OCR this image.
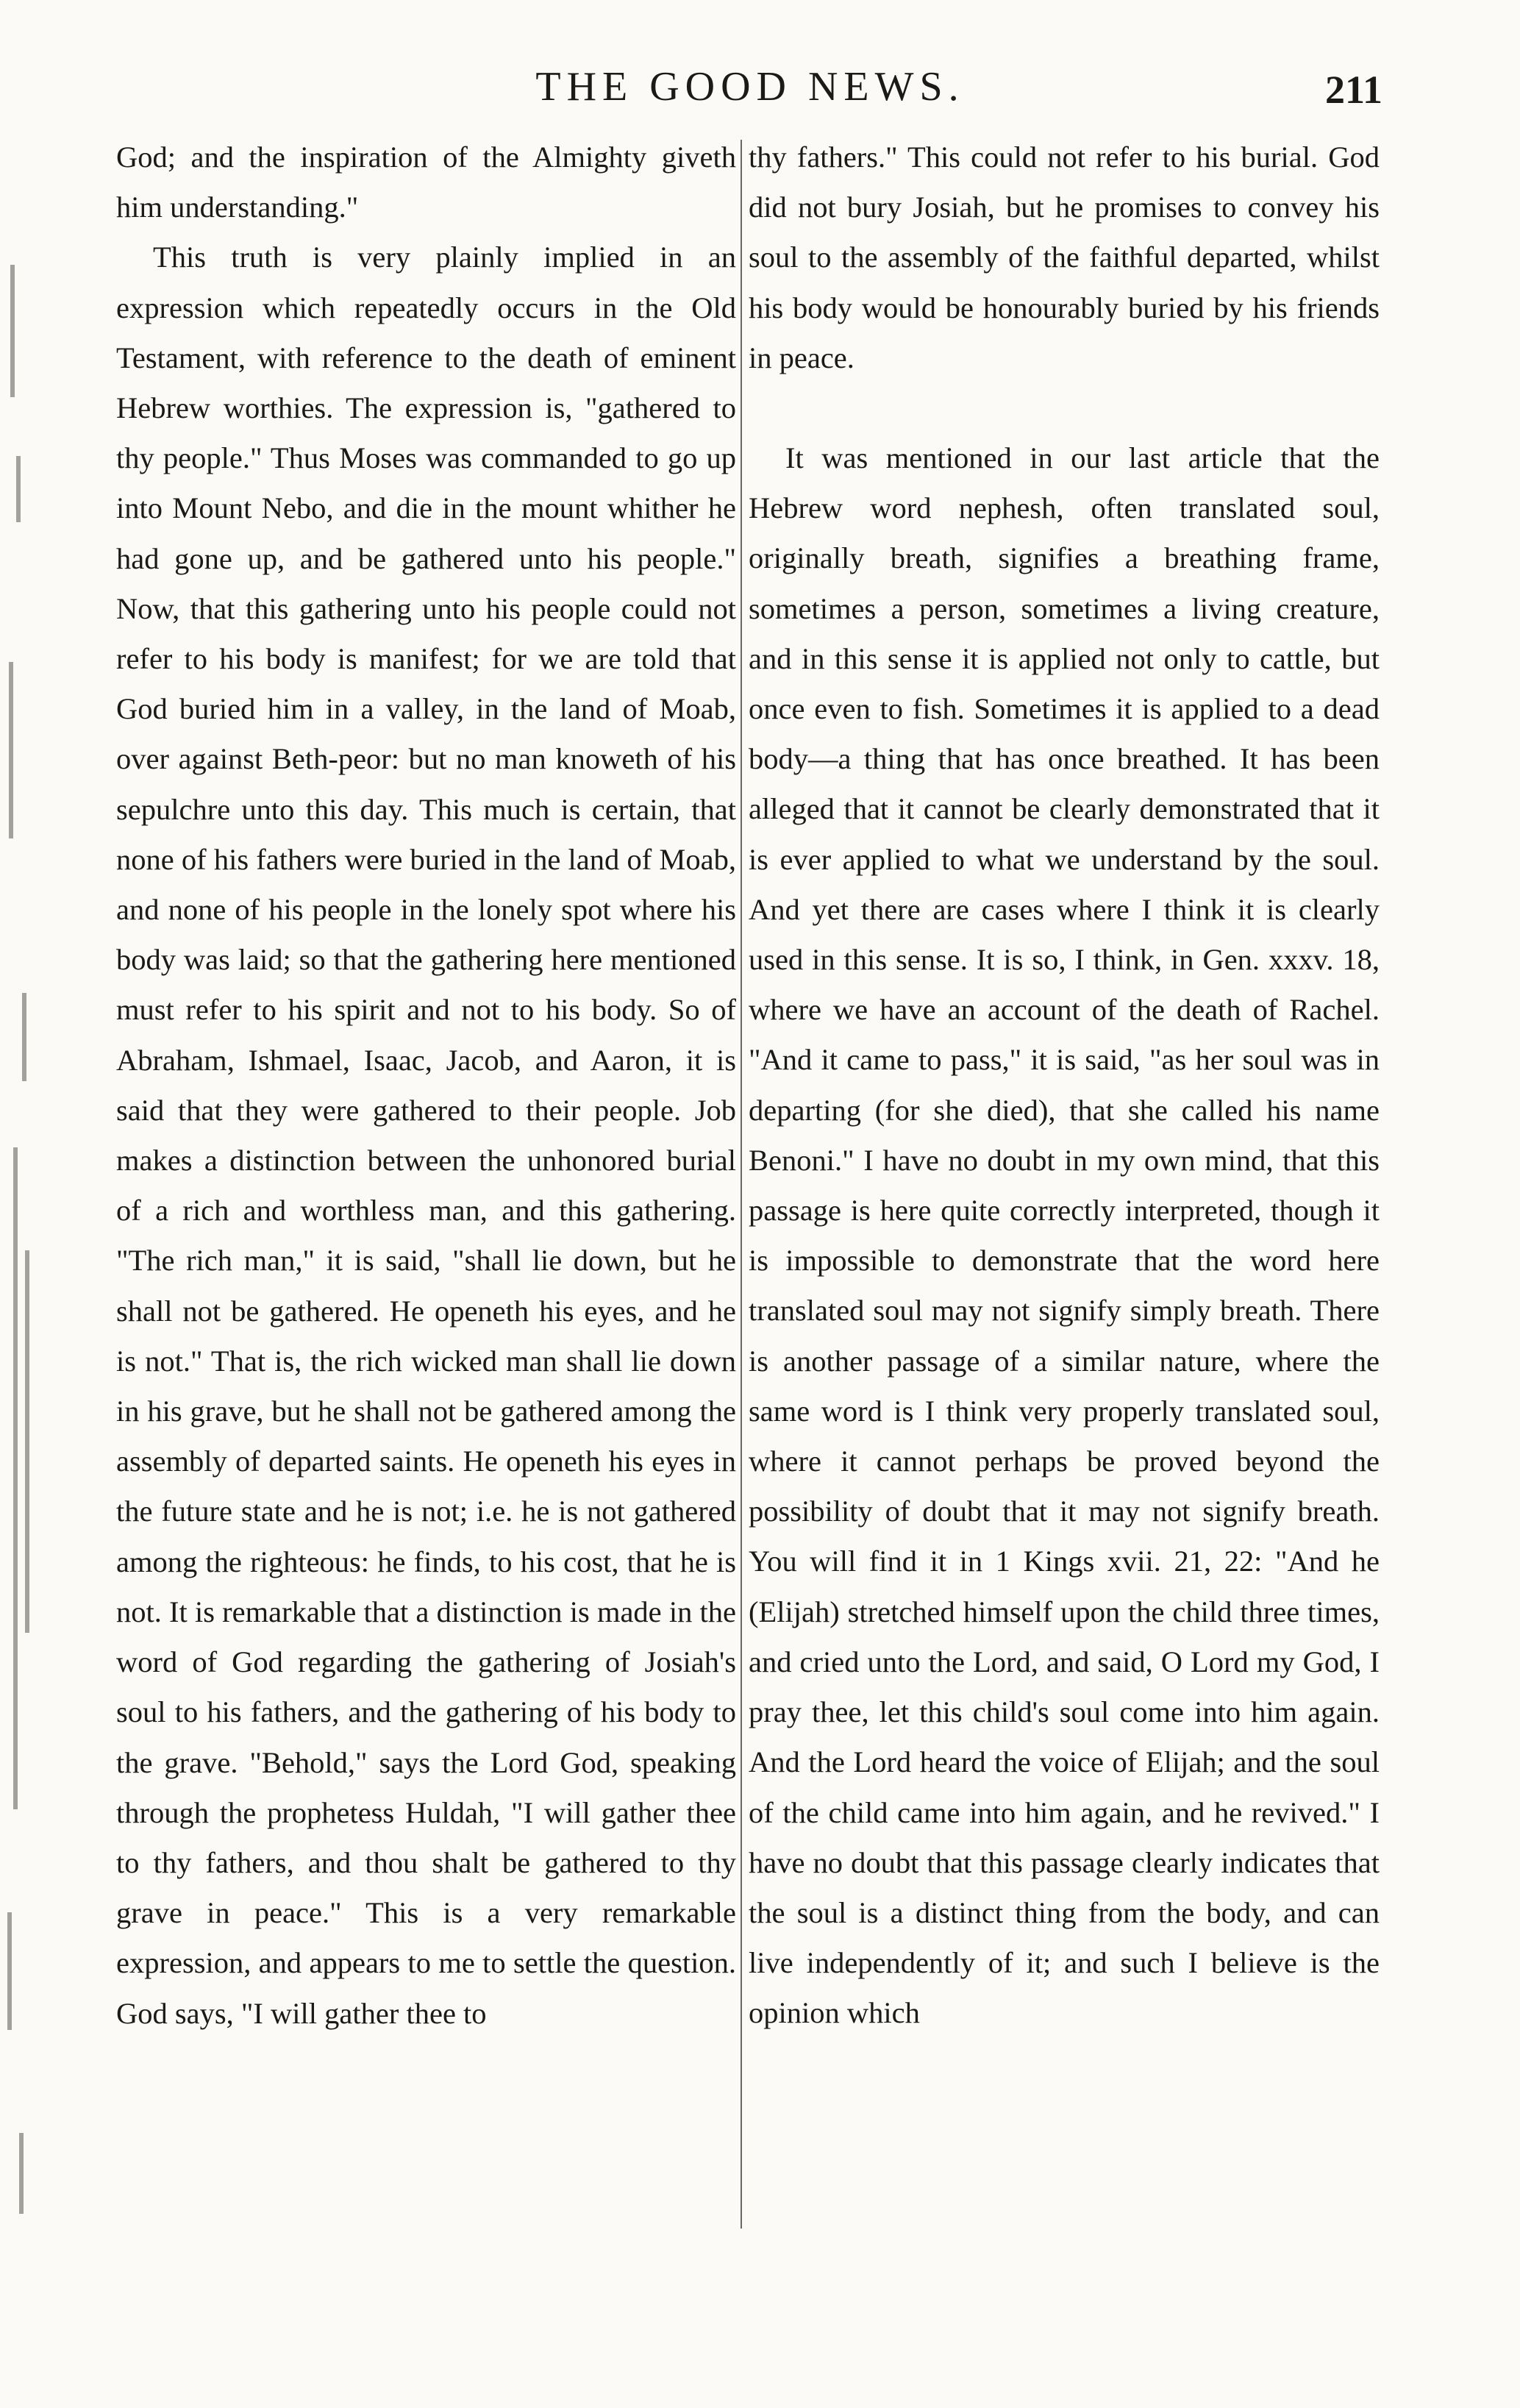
THE GOOD NEWS.	211

God; and the inspiration of the Almighty giveth him understanding."

This truth is very plainly implied in an expression which repeatedly occurs in the Old Testament, with reference to the death of eminent Hebrew worthies. The expression is, "gathered to thy people." Thus Moses was commanded to go up into Mount Nebo, and die in the mount whither he had gone up, and be gathered unto his people." Now, that this gathering unto his people could not refer to his body is manifest; for we are told that God buried him in a valley, in the land of Moab, over against Beth-peor: but no man knoweth of his sepulchre unto this day. This much is certain, that none of his fathers were buried in the land of Moab, and none of his people in the lonely spot where his body was laid; so that the gathering here mentioned must refer to his spirit and not to his body. So of Abraham, Ishmael, Isaac, Jacob, and Aaron, it is said that they were gathered to their people. Job makes a distinction between the unhonored burial of a rich and worthless man, and this gathering. "The rich man," it is said, "shall lie down, but he shall not be gathered. He openeth his eyes, and he is not." That is, the rich wicked man shall lie down in his grave, but he shall not be gathered among the assembly of departed saints. He openeth his eyes in the future state and he is not; i.e. he is not gathered among the righteous: he finds, to his cost, that he is not. It is remarkable that a distinction is made in the word of God regarding the gathering of Josiah's soul to his fathers, and the gathering of his body to the grave. "Behold," says the Lord God, speaking through the prophetess Huldah, "I will gather thee to thy fathers, and thou shalt be gathered to thy grave in peace." This is a very remarkable expression, and appears to me to settle the question. God says, "I will gather thee to

thy fathers." This could not refer to his burial. God did not bury Josiah, but he promises to convey his soul to the assembly of the faithful departed, whilst his body would be honourably buried by his friends in peace.

It was mentioned in our last article that the Hebrew word nephesh, often translated soul, originally breath, signifies a breathing frame, sometimes a person, sometimes a living creature, and in this sense it is applied not only to cattle, but once even to fish. Sometimes it is applied to a dead body—a thing that has once breathed. It has been alleged that it cannot be clearly demonstrated that it is ever applied to what we understand by the soul. And yet there are cases where I think it is clearly used in this sense. It is so, I think, in Gen. xxxv. 18, where we have an account of the death of Rachel. "And it came to pass," it is said, "as her soul was in departing (for she died), that she called his name Benoni." I have no doubt in my own mind, that this passage is here quite correctly interpreted, though it is impossible to demonstrate that the word here translated soul may not signify simply breath. There is another passage of a similar nature, where the same word is I think very properly translated soul, where it cannot perhaps be proved beyond the possibility of doubt that it may not signify breath. You will find it in 1 Kings xvii. 21, 22: "And he (Elijah) stretched himself upon the child three times, and cried unto the Lord, and said, O Lord my God, I pray thee, let this child's soul come into him again. And the Lord heard the voice of Elijah; and the soul of the child came into him again, and he revived." I have no doubt that this passage clearly indicates that the soul is a distinct thing from the body, and can live independently of it; and such I believe is the opinion which
